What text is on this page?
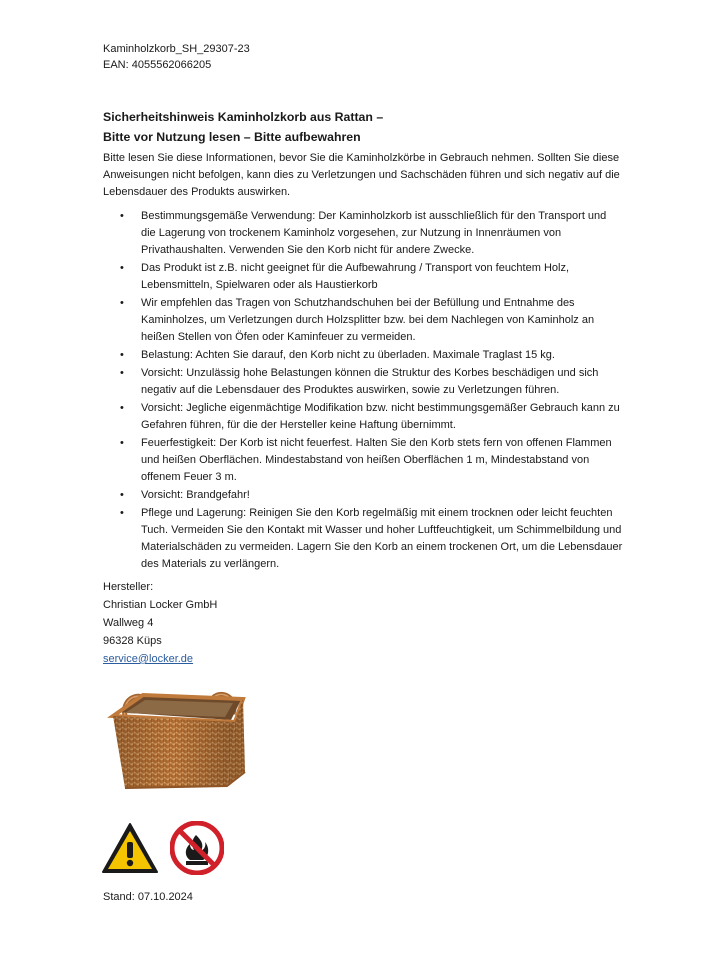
Kaminholzkorb_SH_29307-23
EAN: 4055562066205
Sicherheitshinweis Kaminholzkorb aus Rattan –
Bitte vor Nutzung lesen – Bitte aufbewahren
Bitte lesen Sie diese Informationen, bevor Sie die Kaminholzkörbe in Gebrauch nehmen. Sollten Sie diese Anweisungen nicht befolgen, kann dies zu Verletzungen und Sachschäden führen und sich negativ auf die Lebensdauer des Produkts auswirken.
• Bestimmungsgemäße Verwendung: Der Kaminholzkorb ist ausschließlich für den Transport und die Lagerung von trockenem Kaminholz vorgesehen, zur Nutzung in Innenräumen von Privathaushalten. Verwenden Sie den Korb nicht für andere Zwecke.
• Das Produkt ist z.B. nicht geeignet für die Aufbewahrung / Transport von feuchtem Holz, Lebensmitteln, Spielwaren oder als Haustierkorb
• Wir empfehlen das Tragen von Schutzhandschuhen bei der Befüllung und Entnahme des Kaminholzes, um Verletzungen durch Holzsplitter bzw. bei dem Nachlegen von Kaminholz an heißen Stellen von Öfen oder Kaminfeuer zu vermeiden.
• Belastung: Achten Sie darauf, den Korb nicht zu überladen. Maximale Traglast 15 kg.
• Vorsicht: Unzulässig hohe Belastungen können die Struktur des Korbes beschädigen und sich negativ auf die Lebensdauer des Produktes auswirken, sowie zu Verletzungen führen.
• Vorsicht: Jegliche eigenmächtige Modifikation bzw. nicht bestimmungsgemäßer Gebrauch kann zu Gefahren führen, für die der Hersteller keine Haftung übernimmt.
• Feuerfestigkeit: Der Korb ist nicht feuerfest. Halten Sie den Korb stets fern von offenen Flammen und heißen Oberflächen. Mindestabstand von heißen Oberflächen 1 m, Mindestabstand von offenem Feuer 3 m.
• Vorsicht: Brandgefahr!
• Pflege und Lagerung: Reinigen Sie den Korb regelmäßig mit einem trocknen oder leicht feuchten Tuch. Vermeiden Sie den Kontakt mit Wasser und hoher Luftfeuchtigkeit, um Schimmelbildung und Materialschäden zu vermeiden. Lagern Sie den Korb an einem trockenen Ort, um die Lebensdauer des Materials zu verlängern.
Hersteller:
Christian Locker GmbH
Wallweg 4
96328 Küps
service@locker.de
Stand: 07.10.2024
